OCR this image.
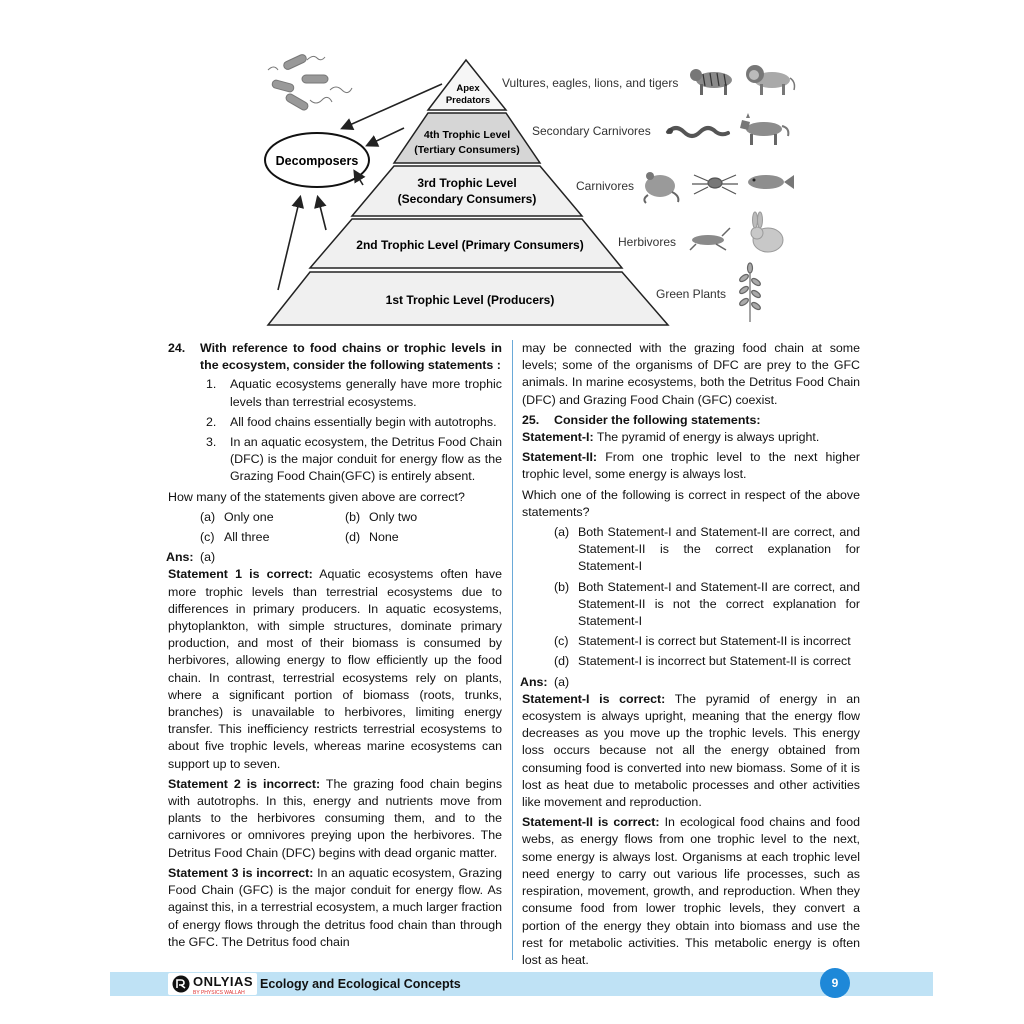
Apex
Predators
4th Trophic Level
(Tertiary Consumers)
3rd Trophic Level
(Secondary Consumers)
2nd Trophic Level (Primary Consumers)
1st Trophic Level (Producers)
Vultures, eagles, lions, and tigers
Secondary Carnivores
Carnivores
Herbivores
Green Plants
Decomposers
24.	With reference to food chains or trophic levels in the ecosystem, consider the following statements :
1.	Aquatic ecosystems generally have more trophic levels than terrestrial ecosystems.
2.	All food chains essentially begin with autotrophs.
3.	In an aquatic ecosystem, the Detritus Food Chain (DFC) is the major conduit for energy flow as the Grazing Food Chain(GFC) is entirely absent.

How many of the statements given above are correct?

(a) Only one	(b) Only two
(c) All three	(d) None
Ans: (a)

Statement 1 is correct: Aquatic ecosystems often have more trophic levels than terrestrial ecosystems due to differences in primary producers. In aquatic ecosystems, phytoplankton, with simple structures, dominate primary production, and most of their biomass is consumed by herbivores, allowing energy to flow efficiently up the food chain. In contrast, terrestrial ecosystems rely on plants, where a significant portion of biomass (roots, trunks, branches) is unavailable to herbivores, limiting energy transfer. This inefficiency restricts terrestrial ecosystems to about five trophic levels, whereas marine ecosystems can support up to seven.

Statement 2 is incorrect: The grazing food chain begins with autotrophs. In this, energy and nutrients move from plants to the herbivores consuming them, and to the carnivores or omnivores preying upon the herbivores. The Detritus Food Chain (DFC) begins with dead organic matter.

Statement 3 is incorrect: In an aquatic ecosystem, Grazing Food Chain (GFC) is the major conduit for energy flow. As against this, in a terrestrial ecosystem, a much larger fraction of energy flows through the detritus food chain than through the GFC. The Detritus food chain

may be connected with the grazing food chain at some levels; some of the organisms of DFC are prey to the GFC animals. In marine ecosystems, both the Detritus Food Chain (DFC) and Grazing Food Chain (GFC) coexist.

25.	Consider the following statements:

Statement-I: The pyramid of energy is always upright.

Statement-II: From one trophic level to the next higher trophic level, some energy is always lost.

Which one of the following is correct in respect of the above statements?

(a) Both Statement-I and Statement-II are correct, and Statement-II is the correct explanation for Statement-I
(b) Both Statement-I and Statement-II are correct, and Statement-II is not the correct explanation for Statement-I
(c) Statement-I is correct but Statement-II is incorrect
(d) Statement-I is incorrect but Statement-II is correct
Ans: (a)

Statement-I is correct: The pyramid of energy in an ecosystem is always upright, meaning that the energy flow decreases as you move up the trophic levels. This energy loss occurs because not all the energy obtained from consuming food is converted into new biomass. Some of it is lost as heat due to metabolic processes and other activities like movement and reproduction.

Statement-II is correct: In ecological food chains and food webs, as energy flows from one trophic level to the next, some energy is always lost. Organisms at each trophic level need energy to carry out various life processes, such as respiration, movement, growth, and reproduction. When they consume food from lower trophic levels, they convert a portion of the energy they obtain into biomass and use the rest for metabolic activities. This metabolic energy is often lost as heat.

ONLYIAS
BY PHYSICS WALLAH
Ecology and Ecological Concepts	9
